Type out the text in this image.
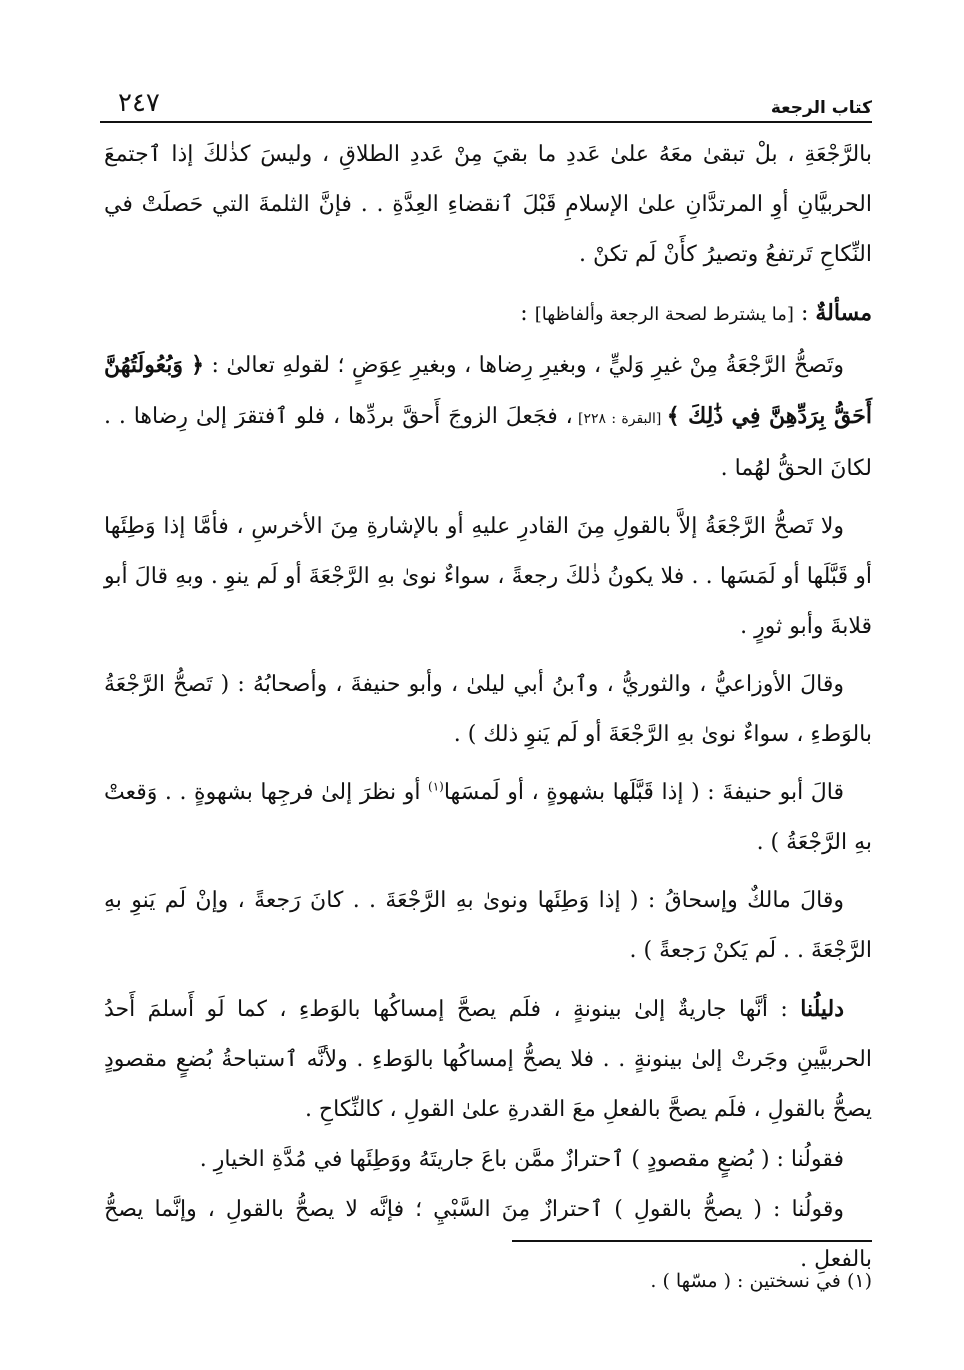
٢٤٧	كتاب الرجعة

بالرَّجْعَةِ ، بلْ تبقىٰ معَهُ علىٰ عَددِ ما بقيَ مِنْ عَددِ الطلاقِ ، وليسَ كذٰلكَ إذا ٱجتمعَ الحربيَّانِ أوِ المرتدَّانِ علىٰ الإسلامِ قَبْلَ ٱنقضاءِ العِدَّةِ . . فإنَّ الثلمةَ التي حَصلَتْ في النِّكاحِ تَرتفعُ وتصيرُ كأَنْ لَم تكنْ .

مسألةٌ : [ما يشترط لصحة الرجعة وألفاظها] :

وتَصحُّ الرَّجْعَةُ مِنْ غيرِ وَليٍّ ، وبغيرِ رِضاها ، وبغيرِ عِوَضٍ ؛ لقولهِ تعالىٰ : ﴿ وَبُعُولَتُهُنَّ أَحَقُّ بِرَدِّهِنَّ فِي ذَٰلِكَ ﴾ [البقرة : ٢٢٨] ، فجَعلَ الزوجَ أَحقَّ بردِّها ، فلو ٱفتقرَ إلىٰ رِضاها . . لكانَ الحقُّ لهُما .

ولا تَصحُّ الرَّجْعَةُ إلاَّ بالقولِ مِنَ القادرِ عليهِ أو بالإشارةِ مِنَ الأخرسِ ، فأمَّا إذا وَطِئَها أو قَبَّلَها أو لَمَسَها . . فلا يكونُ ذٰلكَ رجعةً ، سواءٌ نوىٰ بهِ الرَّجْعَةَ أو لَم ينوِ . وبهِ قالَ أبو قلابةَ وأبو ثورٍ .

وقالَ الأوزاعيُّ ، والثوريُّ ، وٱبنُ أبي ليلىٰ ، وأبو حنيفةَ ، وأصحابُهُ : ( تَصحُّ الرَّجْعَةُ بالوَطءِ ، سواءٌ نوىٰ بهِ الرَّجْعَةَ أو لَم يَنوِ ذلك ) .

قالَ أبو حنيفةَ : ( إذا قَبَّلَها بشهوةٍ ، أو لَمسَها$^{(١)}$ أو نظرَ إلىٰ فرجِها بشهوةٍ . . وَقعتْ بهِ الرَّجْعَةُ ) .

وقالَ مالكٌ وإسحاقُ : ( إذا وَطِئَها ونوىٰ بهِ الرَّجْعَةَ . . كانَ رَجعةً ، وإنْ لَم يَنوِ بهِ الرَّجْعَةَ . . لَم يَكنْ رَجعةً ) .

دليلُنا : أنَّها جاريةٌ إلىٰ بينونةٍ ، فلَم يصحَّ إمساكُها بالوَطءِ ، كما لَو أَسلمَ أَحدُ الحربيَّينِ وجَرتْ إلىٰ بينونةٍ . . فلا يصحُّ إمساكُها بالوَطءِ . ولأنَّه ٱستباحةُ بُضعٍ مقصودٍ يصحُّ بالقولِ ، فلَم يصحَّ بالفعلِ معَ القدرةِ علىٰ القولِ ، كالنِّكاحِ .

فقولُنا : ( بُضعٍ مقصودٍ ) ٱحترازٌ ممَّن باعَ جاريتَهُ ووَطِئَها في مُدَّةِ الخيارِ .

وقولُنا : ( يصحُّ بالقولِ ) ٱحترازٌ مِنَ السَّبْيِ ؛ فإنَّه لا يصحُّ بالقولِ ، وإنَّما يصحُّ بالفعلِ .

(١) في نسختين : ( مسّها ) .
